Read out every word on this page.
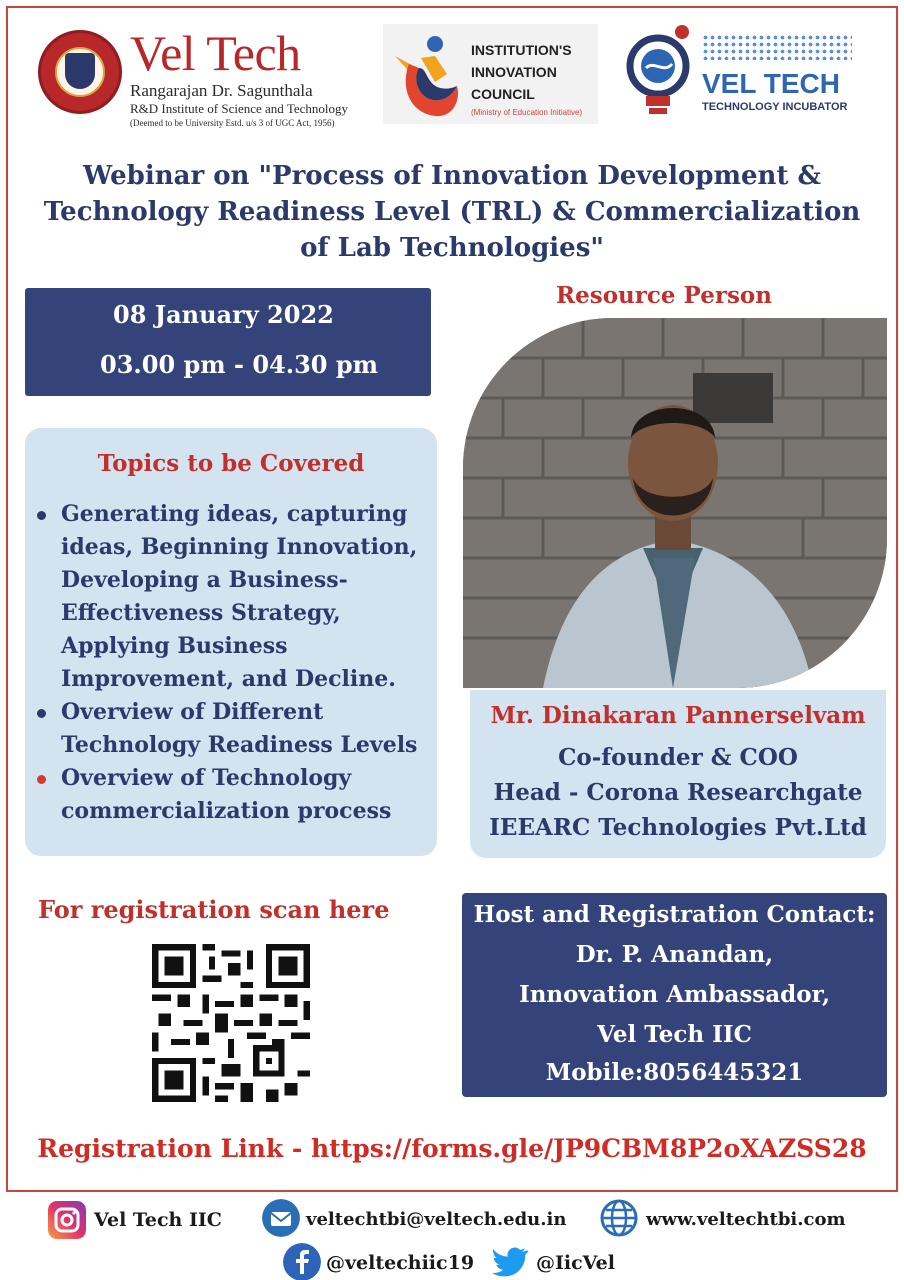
Vel Tech
Rangarajan Dr. Sagunthala
R&D Institute of Science and Technology
(Deemed to be University Estd. u/s 3 of UGC Act, 1956)
INSTITUTION'S
INNOVATION
COUNCIL
(Ministry of Education Initiative)
VEL TECH
TECHNOLOGY INCUBATOR
Webinar on "Process of Innovation Development &
Technology Readiness Level (TRL) & Commercialization
of Lab Technologies"
08 January 2022
03.00 pm - 04.30 pm
Topics to be Covered
Generating ideas, capturing ideas, Beginning Innovation, Developing a Business-Effectiveness Strategy, Applying Business Improvement, and Decline.
Overview of Different Technology Readiness Levels
Overview of Technology commercialization process
Resource Person
Mr. Dinakaran Pannerselvam
Co-founder & COO
Head - Corona Researchgate
IEEARC Technologies Pvt.Ltd
For registration scan here	Host and Registration Contact:
Dr. P. Anandan,
Innovation Ambassador,
Vel Tech IIC
Mobile:8056445321
Registration Link - https://forms.gle/JP9CBM8P2oXAZSS28
Vel Tech IIC	veltechtbi@veltech.edu.in	www.veltechtbi.com
@veltechiic19	@IicVel
